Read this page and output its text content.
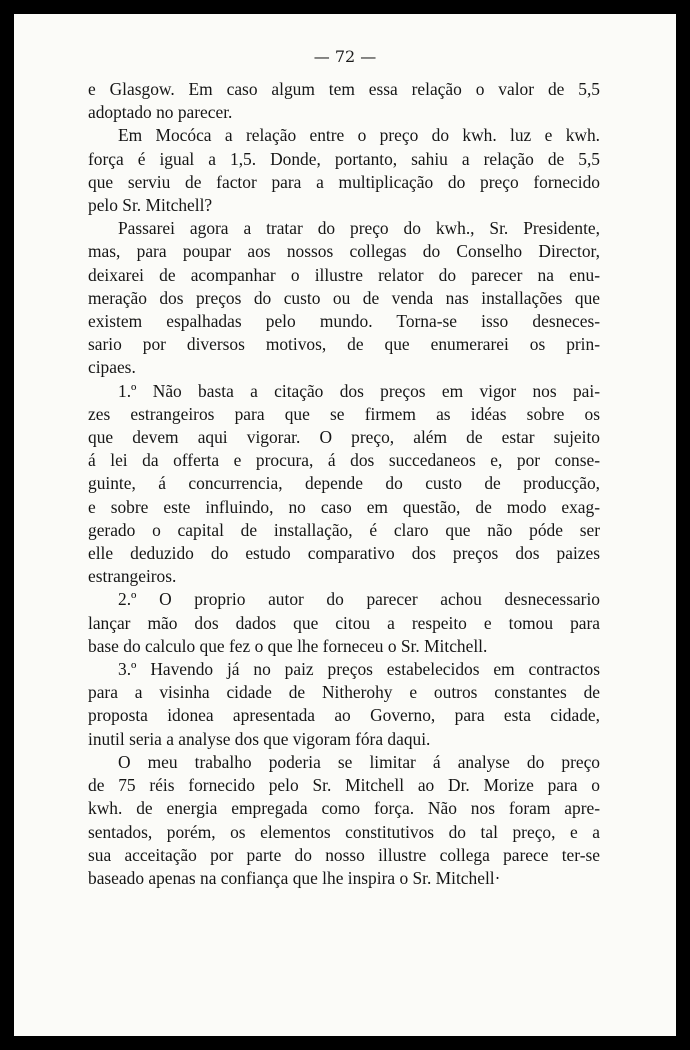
— 72 —
e Glasgow. Em caso algum tem essa relação o valor de 5,5
adoptado no parecer.
Em Mocóca a relação entre o preço do kwh. luz e kwh.
força é igual a 1,5. Donde, portanto, sahiu a relação de 5,5
que serviu de factor para a multiplicação do preço fornecido
pelo Sr. Mitchell?
Passarei agora a tratar do preço do kwh., Sr. Presidente,
mas, para poupar aos nossos collegas do Conselho Director,
deixarei de acompanhar o illustre relator do parecer na enu-
meração dos preços do custo ou de venda nas installações que
existem espalhadas pelo mundo. Torna-se isso desneces-
sario por diversos motivos, de que enumerarei os prin-
cipaes.
1.º Não basta a citação dos preços em vigor nos pai-
zes estrangeiros para que se firmem as idéas sobre os
que devem aqui vigorar. O preço, além de estar sujeito
á lei da offerta e procura, á dos succedaneos e, por conse-
guinte, á concurrencia, depende do custo de producção,
e sobre este influindo, no caso em questão, de modo exag-
gerado o capital de installação, é claro que não póde ser
elle deduzido do estudo comparativo dos preços dos paizes
estrangeiros.
2.º O proprio autor do parecer achou desnecessario
lançar mão dos dados que citou a respeito e tomou para
base do calculo que fez o que lhe forneceu o Sr. Mitchell.
3.º Havendo já no paiz preços estabelecidos em contractos
para a visinha cidade de Nitherohy e outros constantes de
proposta idonea apresentada ao Governo, para esta cidade,
inutil seria a analyse dos que vigoram fóra daqui.
O meu trabalho poderia se limitar á analyse do preço
de 75 réis fornecido pelo Sr. Mitchell ao Dr. Morize para o
kwh. de energia empregada como força. Não nos foram apre-
sentados, porém, os elementos constitutivos do tal preço, e a
sua acceitação por parte do nosso illustre collega parece ter-se
baseado apenas na confiança que lhe inspira o Sr. Mitchell·
